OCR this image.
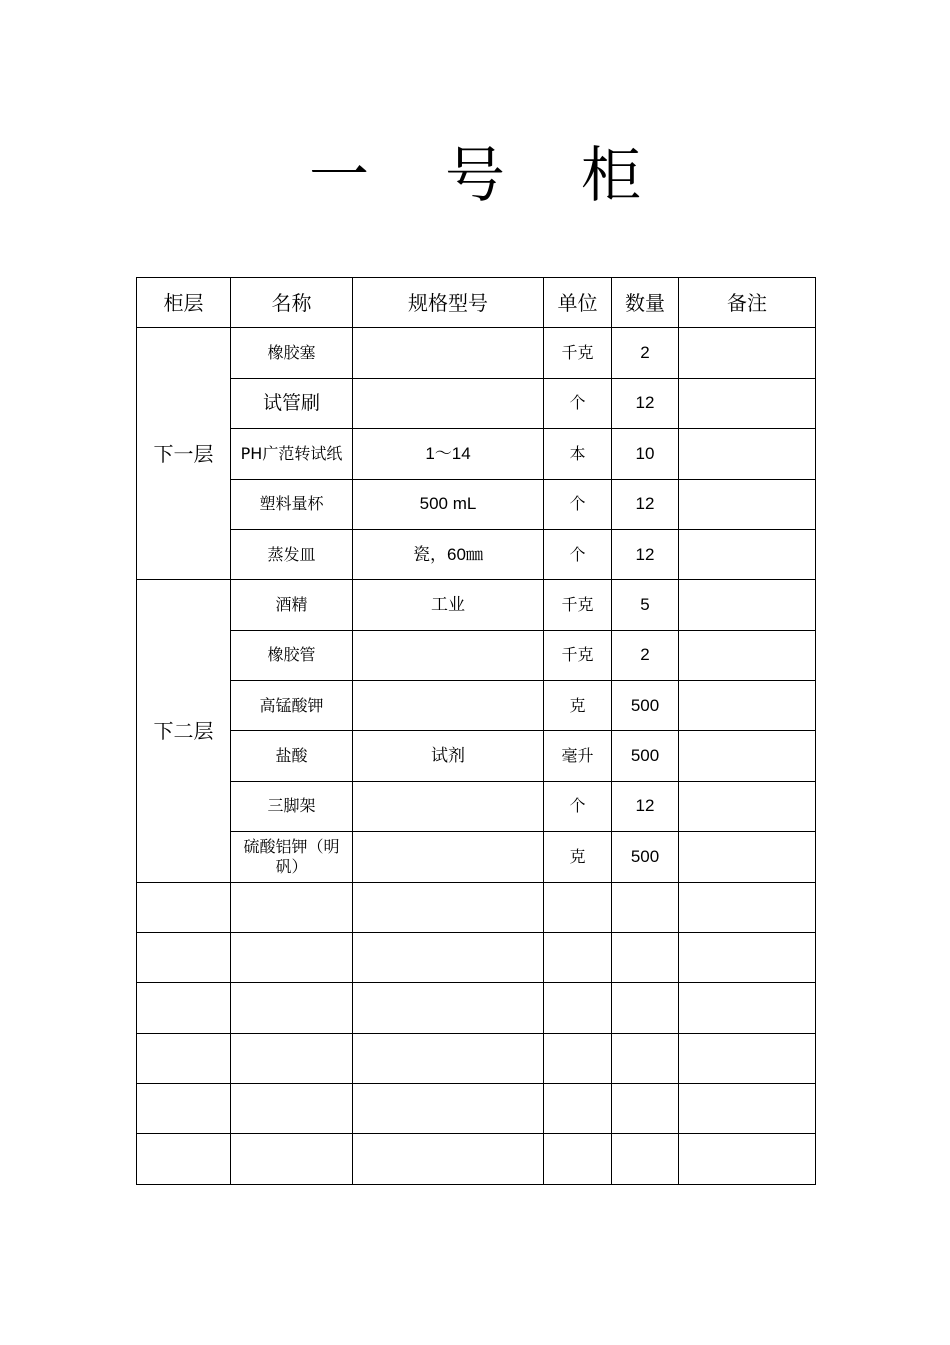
一 号 柜
柜层	名称	规格型号	单位	数量	备注
下一层	橡胶塞		千克	2	
	试管刷		个	12	
	PH广范转试纸	1～14	本	10	
	塑料量杯	500 mL	个	12	
	蒸发皿	瓷，60㎜	个	12	
下二层	酒精	工业	千克	5	
	橡胶管		千克	2	
	高锰酸钾		克	500	
	盐酸	试剂	毫升	500	
	三脚架		个	12	
	硫酸铝钾（明矾）		克	500	
